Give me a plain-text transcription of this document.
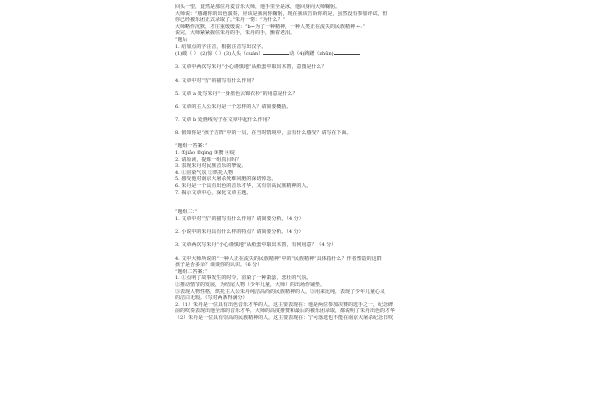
回头一望，竟然是那位丹麦音乐大师，他手里全是冰，他回身向大师鞠躬。
大师说：“感谢你的出色演奏，应该是我向你鞠躬，现在我该告诉你的是，虽然没有参加评试，但
你已经被乐团正式录取了。”朱丹一愣：“为什么？”
大师略作沉默，才庄重缓缓说：“b~为了一种精神，一种人类正在流失的民族精神 ←.”
说完，大师紧紧握住朱丹的手，朱丹的手，颤着老泪。
“题后
1. 给加点的字注音，根据注音写出汉字。
(1)破（ ） (2)惊（ ）(3)人头（cuán）	动（4)踌躇（zhǔn)
3. 文章中两次写朱丹“小心谨慎地”从纸套中取出木笛，意图是什么？
4. 文章中对“雪”的描写有什么作用？
5. 文章 a 处写朱丹“一身墨色云锦衣衫”的用意是什么？
6. 文章的主人公朱丹是一个怎样的人？请简要概括。
7. 文章 b 处画线句子在文章中起什么作用？
8. 假如你是“孩子吉阵”中的一员，在当时情境中，会有什么感受？请写在下面。
“题组一答案：”
1. ①jiǎo ②qìng ③攒 ④绽
2. 请原读，提炼一组真目吗？
3. 表现朱丹对民族音乐的挚爱。
4. ①渲染气氛 ②烘托人物
5. 感受他对南京大屠杀死难同胞的深切悼念。
6. 朱丹是一个具有出色的音乐才华，又有崇高民族精神的人。
7. 揭示文章中心，深化文章主题。
“题组二：”
1. 文章中对“雪”的描写有什么作用？请简要分析。（4 分）
2. 小说中的朱丹具有什么样的特点？请简要分析。（4 分）
3. 文章两次写朱丹“小心谨慎地”从纸套中取出木笛，有何用意？（4 分）
4. 文中大师所说的“一种人正在流失的民族精神”中的“民族精神”具体指什么？作者塑造的这群
孩子是否多余？谈谈你的认识。（6 分）
“题组二答案：”
1. ①点明了故事发生的时令，渲染了一种萧瑟，悲壮的气氛。
②推动情节的发展，为结尾人物（少年儿童，大师）的出场作铺垫。
③表现人物性格，烘托主人公朱丹纯洁高尚的民族精神的人。③用来比纯，表现了少年儿童心灵
的洁白无瑕。（写对两条得满分）
2.（1）朱丹是一位具有出色音乐才华的人。这主要表现在：他是两位参加决赛的选手之一，纪念碑
前的吹奏表现出他全部的音乐才华，大师的高度推赞和最后的被乐团录取，都说明了朱丹出色的才华
（2）朱丹是一位具有崇高的民族精神的人。这主要表现在：宁可落选也不能在南京大屠杀纪念日吹
